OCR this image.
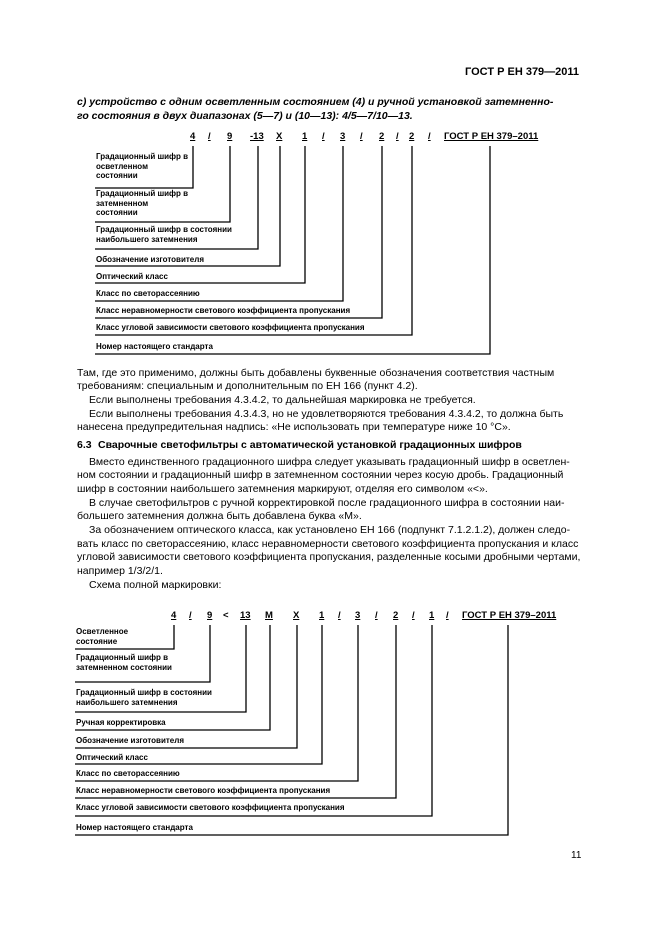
ГОСТ Р ЕН 379—2011
c) устройство с одним осветленным состоянием (4) и ручной установкой затемненно-
го состояния в двух диапазонах (5—7) и (10—13): 4/5—7/10—13.
4 / 9 -13 X 1 / 3 / 2 / 2 / ГОСТ Р ЕН 379–2011
Градационный шифр в осветленном состоянии
Градационный шифр в затемненном состоянии
Градационный шифр в состоянии наибольшего затемнения
Обозначение изготовителя
Оптический класс
Класс по светорассеянию
Класс неравномерности светового коэффициента пропускания
Класс угловой зависимости светового коэффициента пропускания
Номер настоящего стандарта
Там, где это применимо, должны быть добавлены буквенные обозначения соответствия частным
требованиям: специальным и дополнительным по ЕН 166 (пункт 4.2).
Если выполнены требования 4.3.4.2, то дальнейшая маркировка не требуется.
Если выполнены требования 4.3.4.3, но не удовлетворяются требования 4.3.4.2, то должна быть
нанесена предупредительная надпись: «Не использовать при температуре ниже 10 °C».
6.3 Сварочные светофильтры с автоматической установкой градационных шифров
Вместо единственного градационного шифра следует указывать градационный шифр в осветлен-
ном состоянии и градационный шифр в затемненном состоянии через косую дробь. Градационный
шифр в состоянии наибольшего затемнения маркируют, отделяя его символом «<».
В случае светофильтров с ручной корректировкой после градационного шифра в состоянии наи-
большего затемнения должна быть добавлена буква «M».
За обозначением оптического класса, как установлено ЕН 166 (подпункт 7.1.2.1.2), должен следо-
вать класс по светорассеянию, класс неравномерности светового коэффициента пропускания и класс
угловой зависимости светового коэффициента пропускания, разделенные косыми дробными чертами,
например 1/3/2/1.
Схема полной маркировки:
4 / 9 < 13 M X 1 / 3 / 2 / 1 / ГОСТ Р ЕН 379–2011
Осветленное состояние
Градационный шифр в затемненном состоянии
Градационный шифр в состоянии наибольшего затемнения
Ручная корректировка
Обозначение изготовителя
Оптический класс
Класс по светорассеянию
Класс неравномерности светового коэффициента пропускания
Класс угловой зависимости светового коэффициента пропускания
Номер настоящего стандарта
11
